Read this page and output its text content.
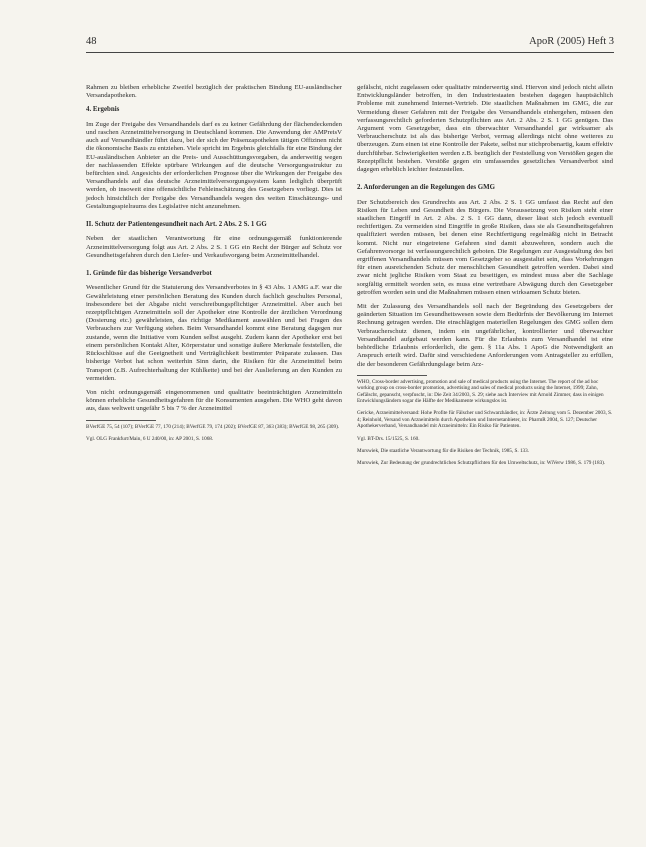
48	ApoR (2005) Heft 3

Rahmen zu bleiben erhebliche Zweifel bezüglich der praktischen Bindung EU-ausländischer Versandapotheken.

4. Ergebnis

Im Zuge der Freigabe des Versandhandels darf es zu keiner Gefährdung der flächendeckenden und raschen Arzneimittelversorgung in Deutschland kommen. Die Anwendung der AMPreisV auch auf Versandhändler führt dazu, bei der sich der Präsenzapotheken tätigen Offizinen nicht die ökonomische Basis zu entziehen. Viele spricht im Ergebnis gleichfalls für eine Bindung der EU-ausländischen Anbieter an die Preis- und Ausschüttungsvorgaben, da anderweitig wegen der nachlassenden Effekte spürbare Wirkungen auf die deutsche Versorgungsstruktur zu befürchten sind. Angesichts der erforderlichen Prognose über die Wirkungen der Freigabe des Versandhandels auf das deutsche Arzneimittelversorgungssystem kann lediglich überprüft werden, ob insoweit eine offensichtliche Fehleinschätzung des Gesetzgebers vorliegt. Dies ist jedoch hinsichtlich der Freigabe des Versandhandels wegen des weiten Einschätzungs- und Gestaltungsspielraums des Legislative nicht anzunehmen.

II. Schutz der Patientengesundheit nach Art. 2 Abs. 2 S. 1 GG

Neben der staatlichen Verantwortung für eine ordnungsgemäß funktionierende Arzneimittelversorgung folgt aus Art. 2 Abs. 2 S. 1 GG ein Recht der Bürger auf Schutz vor Gesundheitsgefahren durch den Liefer- und Verkaufsvorgang beim Arzneimittelhandel.

1. Gründe für das bisherige Versandverbot

Wesentlicher Grund für die Statuierung des Versandverbotes in § 43 Abs. 1 AMG a.F. war die Gewährleistung einer persönlichen Beratung des Kunden durch fachlich geschultes Personal, insbesondere bei der Abgabe nicht verschreibungspflichtiger Arzneimittel. Aber auch bei rezeptpflichtigen Arzneimitteln soll der Apotheker eine Kontrolle der ärztlichen Verordnung (Dosierung etc.) gewährleisten, das richtige Medikament auswählen und bei Fragen des Verbrauchers zur Verfügung stehen. Beim Versandhandel kommt eine Beratung dagegen nur zustande, wenn die Initiative vom Kunden selbst ausgeht. Zudem kann der Apotheker erst bei einem persönlichen Kontakt Alter, Körperstatur und sonstige äußere Merkmale feststellen, die Rückschlüsse auf die Geeignetheit und Verträglichkeit bestimmter Präparate zulassen. Das bisherige Verbot hat schon weiterhin Sinn darin, die Risiken für die Arzneimittel beim Transport (z.B. Aufrechterhaltung der Kühlkette) und bei der Auslieferung an den Kunden zu vermeiden.

Von nicht ordnungsgemäß eingenommenen und qualitativ beeinträchtigten Arzneimitteln können erhebliche Gesundheitsgefahren für die Konsumenten ausgehen. Die WHO geht davon aus, dass weltweit ungefähr 5 bis 7 % der Arzneimittel

BVerfGE 75, 54 (107); BVerfGE 77, 170 (214); BVerfGE 79, 174 (202); BVerfGE 87, 363 (383); BVerfGE 98, 265 (309).

Vgl. OLG Frankfurt/Main, 6 U 240/00, in: AP 2001, S. 1068.

gefälscht, nicht zugelassen oder qualitativ minderwertig sind. Hiervon sind jedoch nicht allein Entwicklungsländer betroffen, in den Industriestaaten bestehen dagegen hauptsächlich Probleme mit zunehmend Internet-Vertrieb. Die staatlichen Maßnahmen im GMG, die zur Vermeidung dieser Gefahren mit der Freigabe des Versandhandels einhergehen, müssen den verfassungsrechtlich geforderten Schutzpflichten aus Art. 2 Abs. 2 S. 1 GG genügen. Das Argument vom Gesetzgeber, dass ein überwachter Versandhandel gar wirksamer als Verbraucherschutz ist als das bisherige Verbot, vermag allerdings nicht ohne weiteres zu überzeugen. Zum einen ist eine Kontrolle der Pakete, selbst nur stichprobenartig, kaum effektiv durchführbar. Schwierigkeiten werden z.B. bezüglich der Feststellung von Verstößen gegen die Rezeptpflicht bestehen. Verstöße gegen ein umfassendes gesetzliches Versandverbot sind dagegen erheblich leichter festzustellen.

2. Anforderungen an die Regelungen des GMG

Der Schutzbereich des Grundrechts aus Art. 2 Abs. 2 S. 1 GG umfasst das Recht auf den Risiken für Leben und Gesundheit des Bürgers. Die Voraussetzung von Risiken steht einer staatlichen Eingriff in Art. 2 Abs. 2 S. 1 GG dann, dieser lässt sich jedoch eventuell rechtfertigen. Zu vermeiden sind Eingriffe in große Risiken, dass sie als Gesundheitsgefahren qualifiziert werden müssen, bei denen eine Rechtfertigung regelmäßig nicht in Betracht kommt. Nicht nur eingetretene Gefahren sind damit abzuwehren, sondern auch die Gefahrenvorsorge ist verfassungsrechtlich geboten. Die Regelungen zur Ausgestaltung des bei ergriffenen Versandhandels müssen vom Gesetzgeber so ausgestaltet sein, dass Vorkehrungen für einen ausreichenden Schutz der menschlichen Gesundheit getroffen werden. Dabei sind zwar nicht jegliche Risiken vom Staat zu beseitigen, es mindest muss aber die Sachlage sorgfältig ermittelt worden sein, es muss eine vertretbare Abwägung durch den Gesetzgeber getroffen worden sein und die Maßnahmen müssen einen wirksamen Schutz bieten.

Mit der Zulassung des Versandhandels soll nach der Begründung des Gesetzgebers der geänderten Situation im Gesundheitswesen sowie dem Bedürfnis der Bevölkerung im Internet Rechnung getragen werden. Die einschlägigen materiellen Regelungen des GMG sollen dem Verbraucherschutz dienen, indem ein ungefährlicher, kontrollierter und überwachter Versandhandel aufgebaut werden kann. Für die Erlaubnis zum Versandhandel ist eine behördliche Erlaubnis erforderlich, die gem. § 11a Abs. 1 ApoG die Notwendigkeit an Anspruch erteilt wird. Dafür sind verschiedene Anforderungen vom Antragsteller zu erfüllen, die der besonderen Gefährdungslage beim Arz-

WHO, Cross-border advertising, promotion and sale of medical products using the Internet. The report of the ad hoc working group on cross-border promotion, advertising and sales of medical products using the Internet, 1999; Zahn, Gefälscht, gepanscht, verpfuscht, in: Die Zeit 34/2003, S. 29; siehe auch Interview mit Arnold Zimmer, dass in einigen Entwicklungsländern sogar die Hälfte der Medikamente wirkungslos ist.

Gericke, Arzneimittelversand: Hohe Profite für Fälscher und Schwarzhändler, in: Ärzte Zeitung vom 5. Dezember 2003, S. 4; Reinhold, Versand von Arzneimitteln durch Apotheken und Internetanbieter, in: PharmR 2004, S. 127; Deutscher Apothekerverband, Versandhandel mit Arzneimitteln: Ein Risiko für Patienten.

Vgl. BT-Drs. 15/1525, S. 160.

Murswiek, Die staatliche Verantwortung für die Risiken der Technik, 1985, S. 133.

Murswiek, Zur Bedeutung der grundrechtlichen Schutzpflichten für den Umweltschutz, in: WiVerw 1986, S. 179 (183).
